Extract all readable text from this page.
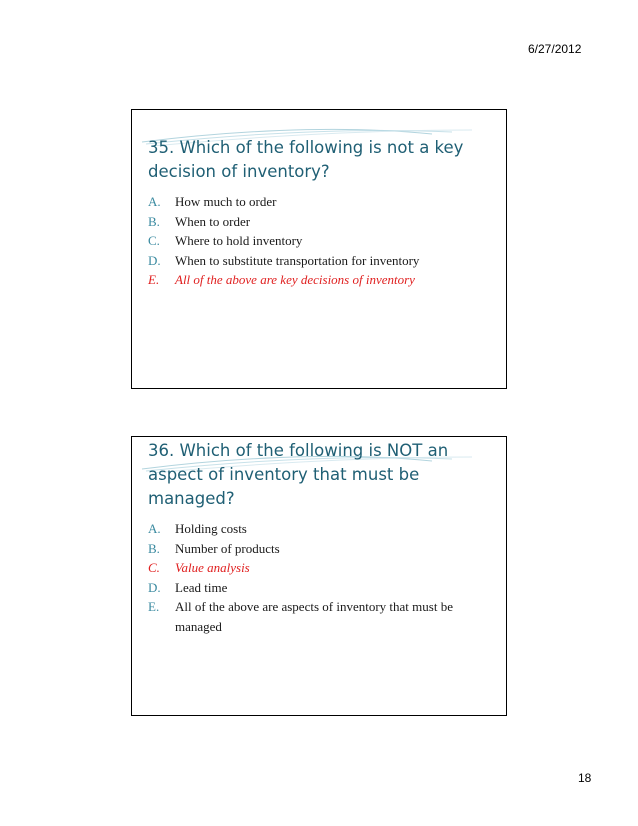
6/27/2012
35. Which of the following is not a key
decision of inventory?
A. How much to order
B. When to order
C. Where to hold inventory
D. When to substitute transportation for inventory
E. All of the above are key decisions of inventory
36. Which of the following is NOT an
aspect of inventory that must be
managed?
A. Holding costs
B. Number of products
C. Value analysis
D. Lead time
E. All of the above are aspects of inventory that must be managed
18
